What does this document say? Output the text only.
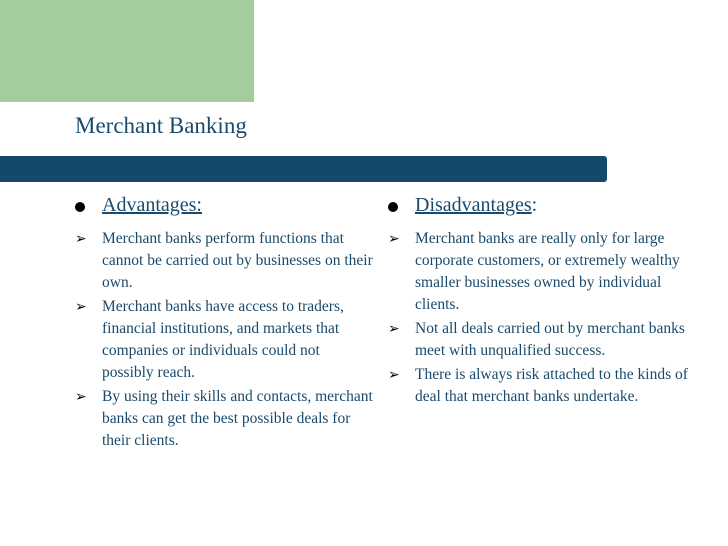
Merchant Banking
Advantages:
➢ Merchant banks perform functions that cannot be carried out by businesses on their own.
➢ Merchant banks have access to traders, financial institutions, and markets that companies or individuals could not possibly reach.
➢ By using their skills and contacts, merchant banks can get the best possible deals for their clients.
Disadvantages:
➢ Merchant banks are really only for large corporate customers, or extremely wealthy smaller businesses owned by individual clients.
➢ Not all deals carried out by merchant banks meet with unqualified success.
➢ There is always risk attached to the kinds of deal that merchant banks undertake.
